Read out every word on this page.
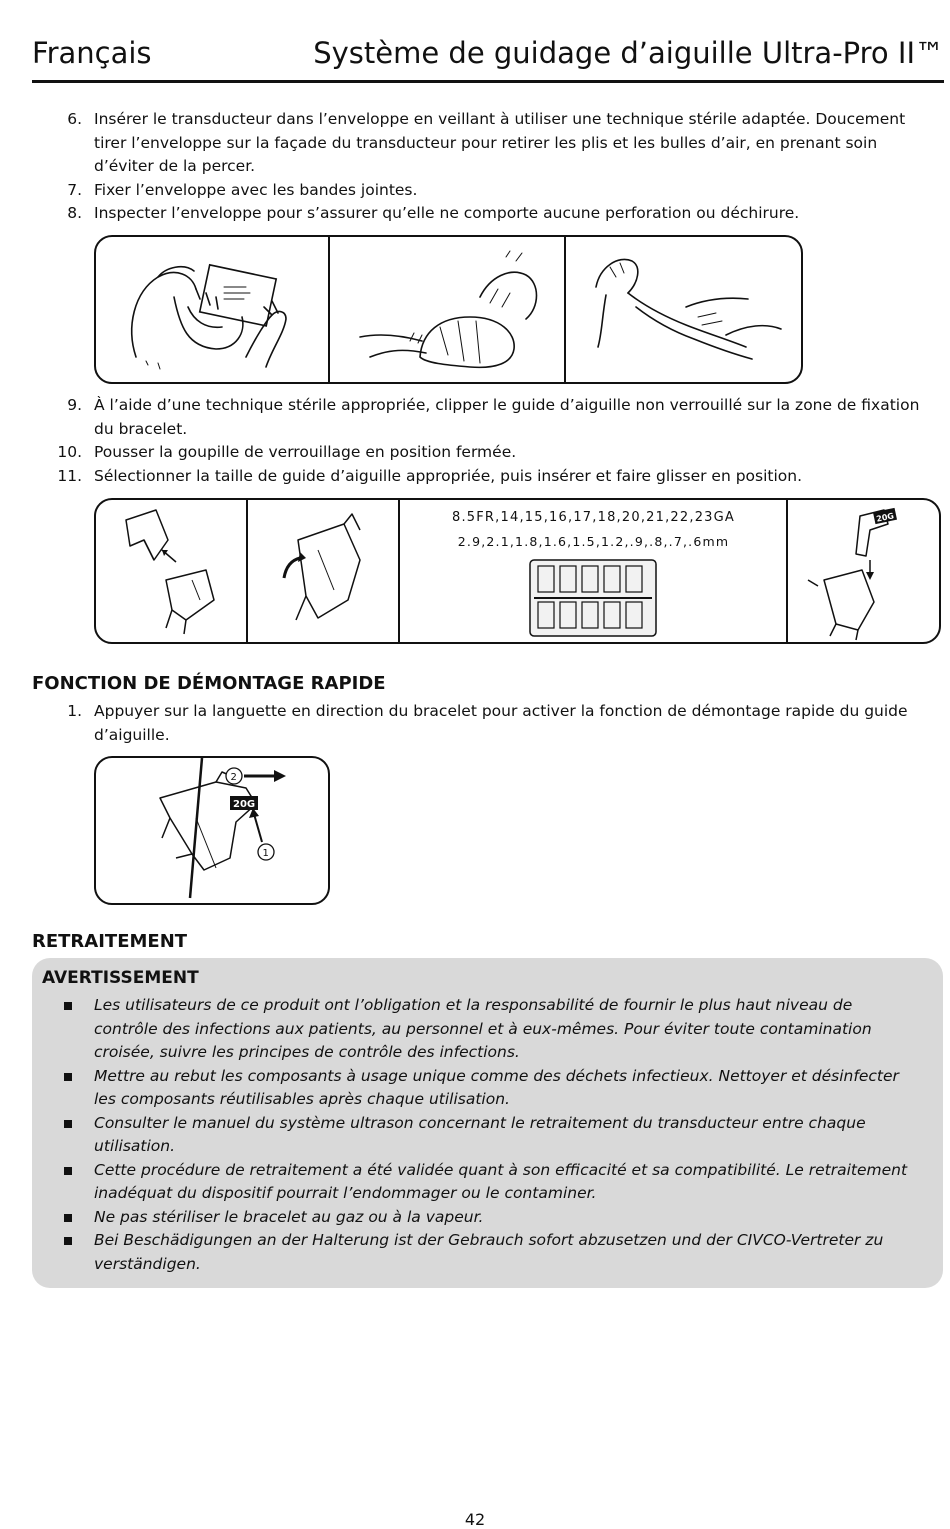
Français	Système de guidage d’aiguille Ultra-Pro II™
6. Insérer le transducteur dans l’enveloppe en veillant à utiliser une technique stérile adaptée. Doucement tirer l’enveloppe sur la façade du transducteur pour retirer les plis et les bulles d’air, en prenant soin d’éviter de la percer.
7. Fixer l’enveloppe avec les bandes jointes.
8. Inspecter l’enveloppe pour s’assurer qu’elle ne comporte aucune perforation ou déchirure.
9. À l’aide d’une technique stérile appropriée, clipper le guide d’aiguille non verrouillé sur la zone de fixation du bracelet.
10. Pousser la goupille de verrouillage en position fermée.
11. Sélectionner la taille de guide d’aiguille appropriée, puis insérer et faire glisser en position.
8.5FR,14,15,16,17,18,20,21,22,23GA
2.9,2.1,1.8,1.6,1.5,1.2,.9,.8,.7,.6mm
20G
FONCTION DE DÉMONTAGE RAPIDE
1. Appuyer sur la languette en direction du bracelet pour activer la fonction de démontage rapide du guide d’aiguille.
20G
2
1
RETRAITEMENT
AVERTISSEMENT
Les utilisateurs de ce produit ont l’obligation et la responsabilité de fournir le plus haut niveau de contrôle des infections aux patients, au personnel et à eux-mêmes. Pour éviter toute contamination croisée, suivre les principes de contrôle des infections.
Mettre au rebut les composants à usage unique comme des déchets infectieux. Nettoyer et désinfecter les composants réutilisables après chaque utilisation.
Consulter le manuel du système ultrason concernant le retraitement du transducteur entre chaque utilisation.
Cette procédure de retraitement a été validée quant à son efficacité et sa compatibilité. Le retraitement inadéquat du dispositif pourrait l’endommager ou le contaminer.
Ne pas stériliser le bracelet au gaz ou à la vapeur.
Bei Beschädigungen an der Halterung ist der Gebrauch sofort abzusetzen und der CIVCO-Vertreter zu verständigen.
42
